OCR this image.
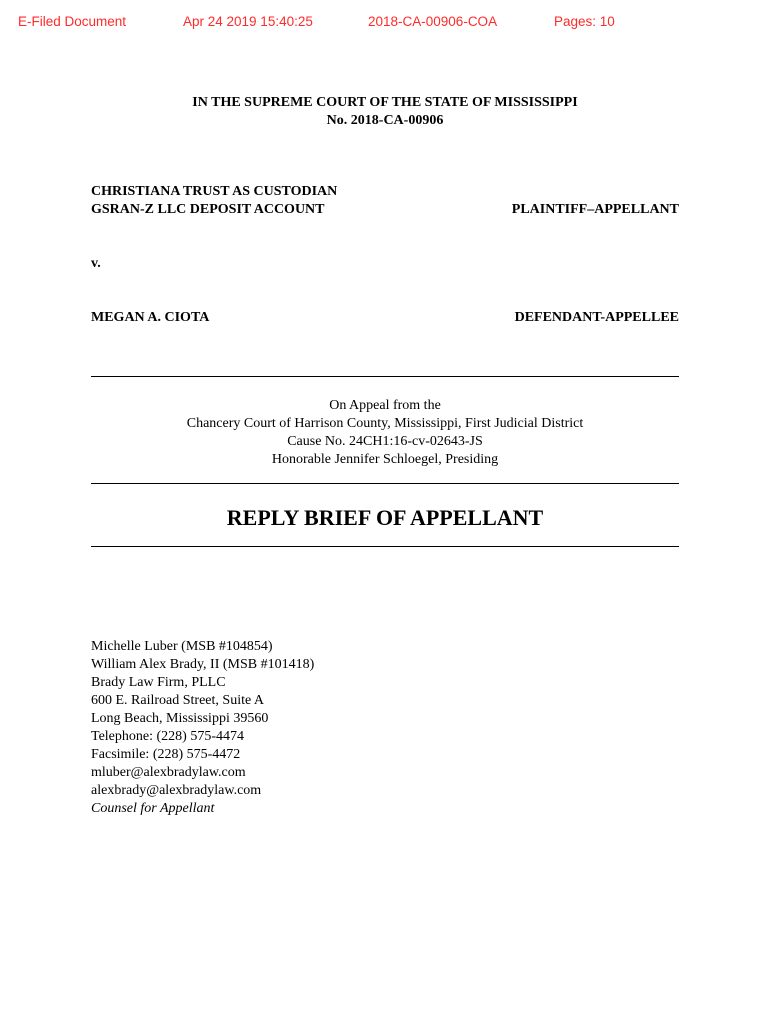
E-Filed Document	Apr 24 2019 15:40:25	2018-CA-00906-COA	Pages: 10
IN THE SUPREME COURT OF THE STATE OF MISSISSIPPI
No. 2018-CA-00906
CHRISTIANA TRUST AS CUSTODIAN
GSRAN-Z LLC DEPOSIT ACCOUNT	PLAINTIFF–APPELLANT
v.
MEGAN A. CIOTA	DEFENDANT-APPELLEE
On Appeal from the
Chancery Court of Harrison County, Mississippi, First Judicial District
Cause No. 24CH1:16-cv-02643-JS
Honorable Jennifer Schloegel, Presiding
REPLY BRIEF OF APPELLANT
Michelle Luber (MSB #104854)
William Alex Brady, II (MSB #101418)
Brady Law Firm, PLLC
600 E. Railroad Street, Suite A
Long Beach, Mississippi 39560
Telephone: (228) 575-4474
Facsimile: (228) 575-4472
mluber@alexbradylaw.com
alexbrady@alexbradylaw.com
Counsel for Appellant
